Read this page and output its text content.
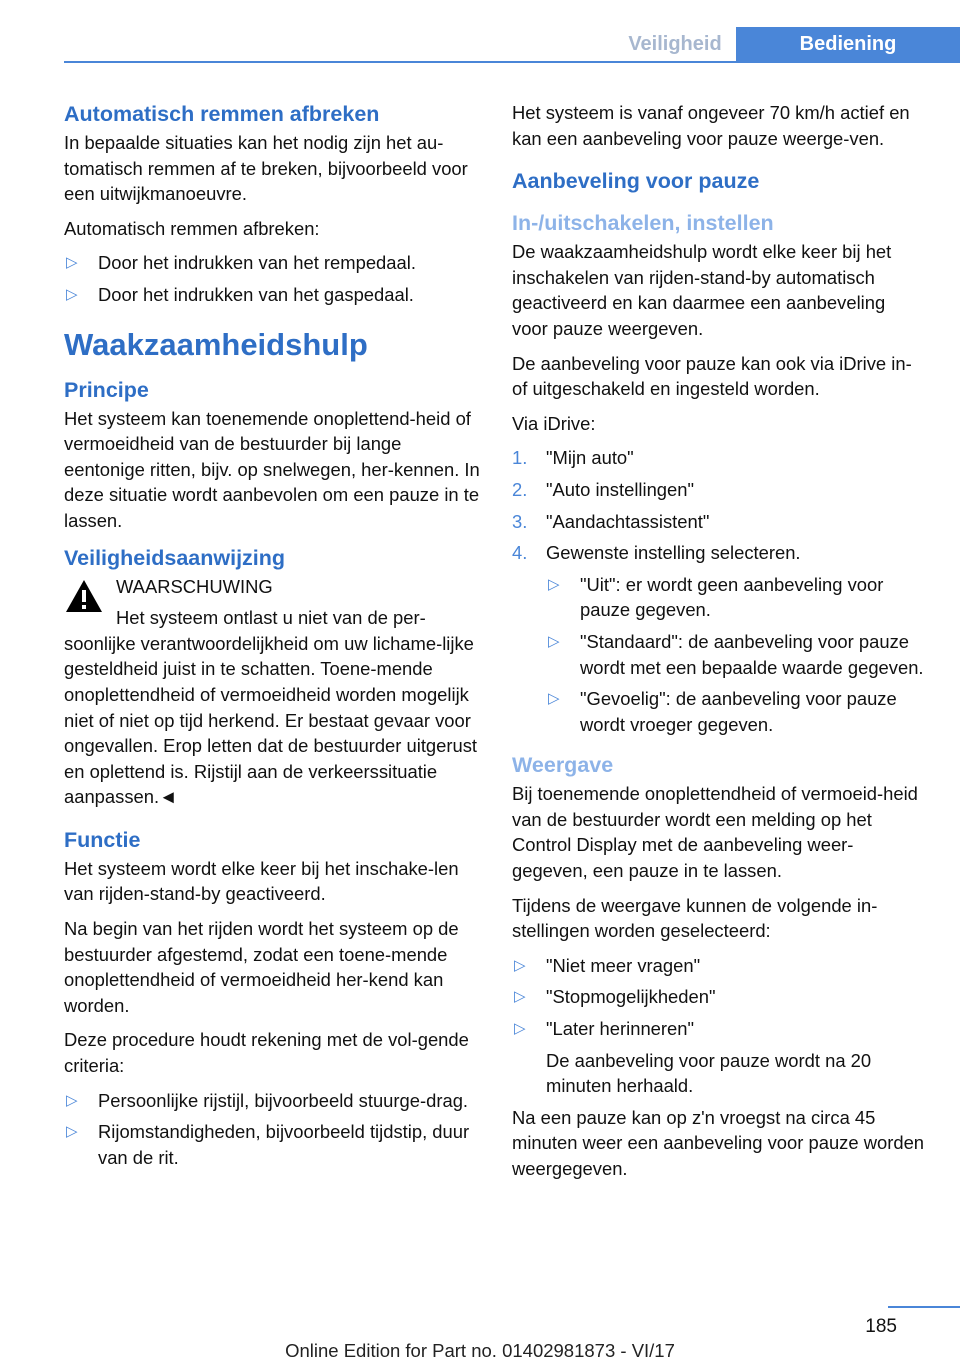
Veiligheid	Bediening
Automatisch remmen afbreken

In bepaalde situaties kan het nodig zijn het au-tomatisch remmen af te breken, bijvoorbeeld voor een uitwijkmanoeuvre.

Automatisch remmen afbreken:

▷ Door het indrukken van het rempedaal.
▷ Door het indrukken van het gaspedaal.
Waakzaamheidshulp
Principe

Het systeem kan toenemende onoplettend-heid of vermoeidheid van de bestuurder bij lange eentonige ritten, bijv. op snelwegen, her-kennen. In deze situatie wordt aanbevolen om een pauze in te lassen.

Veiligheidsaanwijzing
WAARSCHUWING
Het systeem ontlast u niet van de per-soonlijke verantwoordelijkheid om uw lichame-lijke gesteldheid juist in te schatten. Toene-mende onoplettendheid of vermoeidheid worden mogelijk niet of niet op tijd herkend. Er bestaat gevaar voor ongevallen. Erop letten dat de bestuurder uitgerust en oplettend is. Rijstijl aan de verkeerssituatie aanpassen.◄
Functie

Het systeem wordt elke keer bij het inschake-len van rijden-stand-by geactiveerd.

Na begin van het rijden wordt het systeem op de bestuurder afgestemd, zodat een toene-mende onoplettendheid of vermoeidheid her-kend kan worden.

Deze procedure houdt rekening met de vol-gende criteria:

▷ Persoonlijke rijstijl, bijvoorbeeld stuurge-drag.
▷ Rijomstandigheden, bijvoorbeeld tijdstip, duur van de rit.

Het systeem is vanaf ongeveer 70 km/h actief en kan een aanbeveling voor pauze weerge-ven.

Aanbeveling voor pauze
In-/uitschakelen, instellen

De waakzaamheidshulp wordt elke keer bij het inschakelen van rijden-stand-by automatisch geactiveerd en kan daarmee een aanbeveling voor pauze weergeven.

De aanbeveling voor pauze kan ook via iDrive in- of uitgeschakeld en ingesteld worden.

Via iDrive:

1. "Mijn auto"
2. "Auto instellingen"
3. "Aandachtassistent"
4. Gewenste instelling selecteren.
▷ "Uit": er wordt geen aanbeveling voor pauze gegeven.
▷ "Standaard": de aanbeveling voor pauze wordt met een bepaalde waarde gegeven.
▷ "Gevoelig": de aanbeveling voor pauze wordt vroeger gegeven.
Weergave

Bij toenemende onoplettendheid of vermoeid-heid van de bestuurder wordt een melding op het Control Display met de aanbeveling weer-gegeven, een pauze in te lassen.

Tijdens de weergave kunnen de volgende in-stellingen worden geselecteerd:

▷ "Niet meer vragen"
▷ "Stopmogelijkheden"
▷ "Later herinneren"
De aanbeveling voor pauze wordt na 20 minuten herhaald.

Na een pauze kan op z'n vroegst na circa 45 minuten weer een aanbeveling voor pauze worden weergegeven.

185
Online Edition for Part no. 01402981873 - VI/17
